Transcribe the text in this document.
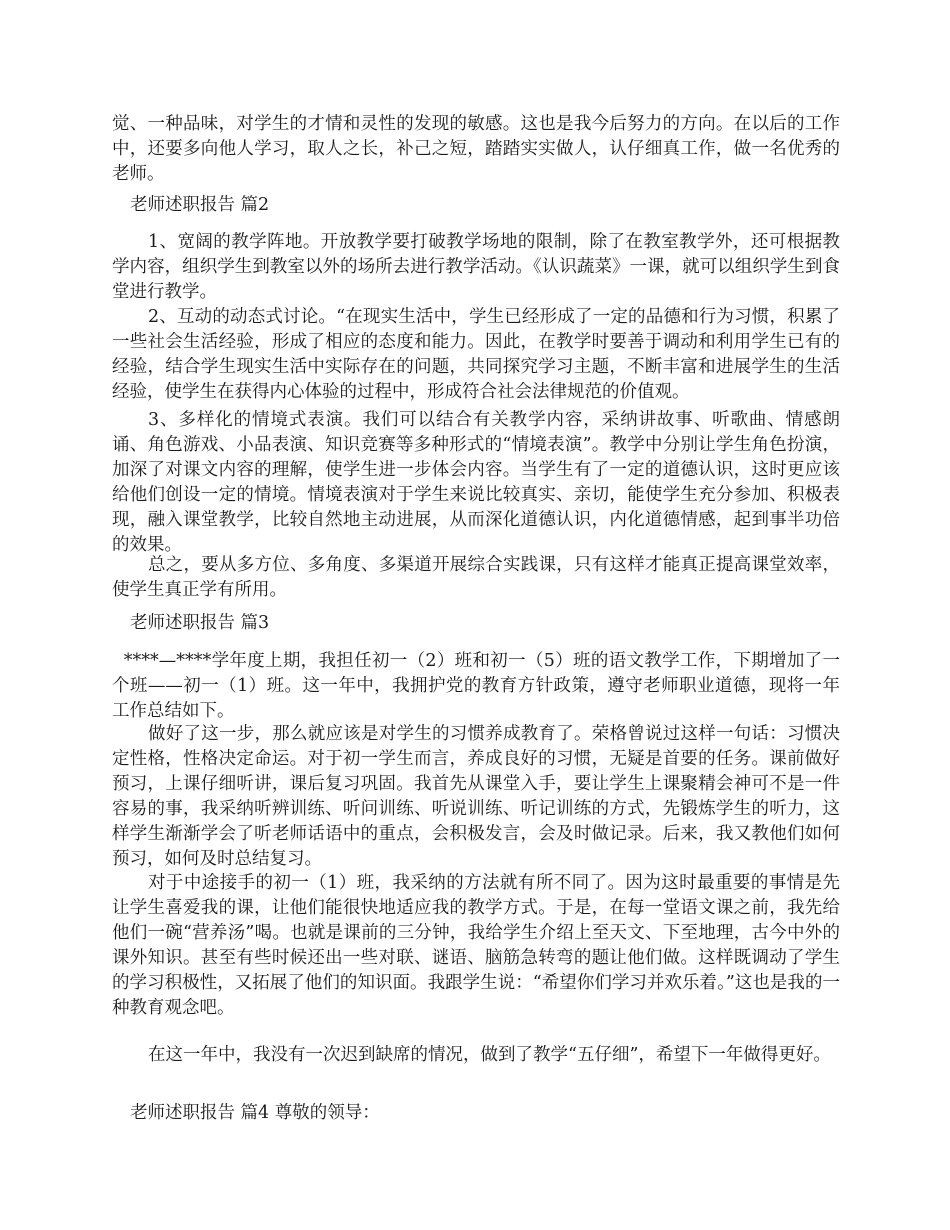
觉、一种品味，对学生的才情和灵性的发现的敏感。这也是我今后努力的方向。在以后的工作中，还要多向他人学习，取人之长，补己之短，踏踏实实做人，认仔细真工作，做一名优秀的老师。

老师述职报告 篇2

1、宽阔的教学阵地。开放教学要打破教学场地的限制，除了在教室教学外，还可根据教学内容，组织学生到教室以外的场所去进行教学活动。《认识蔬菜》一课，就可以组织学生到食堂进行教学。

2、互动的动态式讨论。“在现实生活中，学生已经形成了一定的品德和行为习惯，积累了一些社会生活经验，形成了相应的态度和能力。因此，在教学时要善于调动和利用学生已有的经验，结合学生现实生活中实际存在的问题，共同探究学习主题，不断丰富和进展学生的生活经验，使学生在获得内心体验的过程中，形成符合社会法律规范的价值观。

3、多样化的情境式表演。我们可以结合有关教学内容，采纳讲故事、听歌曲、情感朗诵、角色游戏、小品表演、知识竞赛等多种形式的“情境表演”。教学中分别让学生角色扮演，加深了对课文内容的理解，使学生进一步体会内容。当学生有了一定的道德认识，这时更应该给他们创设一定的情境。情境表演对于学生来说比较真实、亲切，能使学生充分参加、积极表现，融入课堂教学，比较自然地主动进展，从而深化道德认识，内化道德情感，起到事半功倍的效果。

总之，要从多方位、多角度、多渠道开展综合实践课，只有这样才能真正提高课堂效率，使学生真正学有所用。

老师述职报告 篇3

****—****学年度上期，我担任初一（2）班和初一（5）班的语文教学工作，下期增加了一个班——初一（1）班。这一年中，我拥护党的教育方针政策，遵守老师职业道德，现将一年工作总结如下。

做好了这一步，那么就应该是对学生的习惯养成教育了。荣格曾说过这样一句话：习惯决定性格，性格决定命运。对于初一学生而言，养成良好的习惯，无疑是首要的任务。课前做好预习，上课仔细听讲，课后复习巩固。我首先从课堂入手，要让学生上课聚精会神可不是一件容易的事，我采纳听辨训练、听问训练、听说训练、听记训练的方式，先锻炼学生的听力，这样学生渐渐学会了听老师话语中的重点，会积极发言，会及时做记录。后来，我又教他们如何预习，如何及时总结复习。

对于中途接手的初一（1）班，我采纳的方法就有所不同了。因为这时最重要的事情是先让学生喜爱我的课，让他们能很快地适应我的教学方式。于是，在每一堂语文课之前，我先给他们一碗“营养汤”喝。也就是课前的三分钟，我给学生介绍上至天文、下至地理，古今中外的课外知识。甚至有些时候还出一些对联、谜语、脑筋急转弯的题让他们做。这样既调动了学生的学习积极性，又拓展了他们的知识面。我跟学生说：“希望你们学习并欢乐着。”这也是我的一种教育观念吧。

在这一年中，我没有一次迟到缺席的情况，做到了教学“五仔细”，希望下一年做得更好。

老师述职报告 篇4 尊敬的领导：
